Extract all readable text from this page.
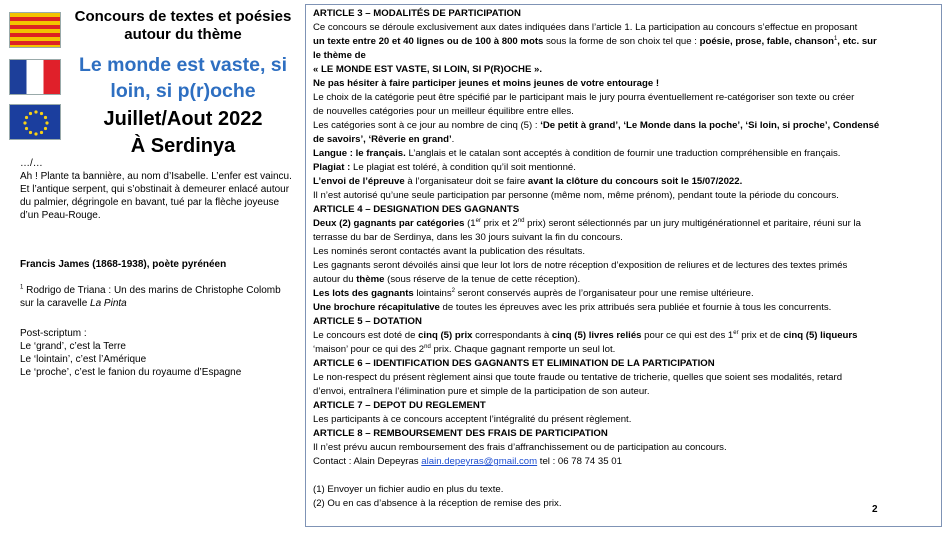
Concours de textes et poésies
autour du thème
Le monde est vaste, si
loin, si p(r)oche
Juillet/Aout 2022
À Serdinya

…/…

Ah ! Plante ta bannière, au nom d’Isabelle. L’enfer est vaincu. Et l’antique serpent, qui s’obstinait à demeurer enlacé autour du palmier, dégringole en bavant, tué par la flèche joyeuse d’un Peau-Rouge.

Francis James (1868-1938), poète pyrénéen
$^1$ Rodrigo de Triana : Un des marins de Christophe Colomb sur la caravelle La Pinta

Post-scriptum :

Le ‘grand’, c’est la Terre

Le ‘lointain’, c’est l’Amérique

Le ‘proche’, c’est le fanion du royaume d’Espagne

ARTICLE 3 – MODALITÉS DE PARTICIPATION
Ce concours se déroule exclusivement aux dates indiquées dans l’article 1. La participation au concours s’effectue en proposant
un texte entre 20 et 40 lignes ou de 100 à 800 mots sous la forme de son choix tel que : poésie, prose, fable, chanson$^1$, etc. sur
le thème de
« LE MONDE EST VASTE, SI LOIN, SI P(R)OCHE ».
Ne pas hésiter à faire participer jeunes et moins jeunes de votre entourage !
Le choix de la catégorie peut être spécifié par le participant mais le jury pourra éventuellement re-catégoriser son texte ou créer
de nouvelles catégories pour un meilleur équilibre entre elles.
Les catégories sont à ce jour au nombre de cinq (5) : ‘De petit à grand’, ‘Le Monde dans la poche’, ‘Si loin, si proche’, Condensé
de savoirs’, ‘Rêverie en grand’.
Langue : le français. L’anglais et le catalan sont acceptés à condition de fournir une traduction compréhensible en français.
Plagiat : Le plagiat est toléré, à condition qu’il soit mentionné.
L’envoi de l’épreuve à l’organisateur doit se faire avant la clôture du concours soit le 15/07/2022.
Il n’est autorisé qu’une seule participation par personne (même nom, même prénom), pendant toute la période du concours.
ARTICLE 4 – DESIGNATION DES GAGNANTS
Deux (2) gagnants par catégories (1er prix et 2nd prix) seront sélectionnés par un jury multigénérationnel et paritaire, réuni sur la
terrasse du bar de Serdinya, dans les 30 jours suivant la fin du concours.
Les nominés seront contactés avant la publication des résultats.
Les gagnants seront dévoilés ainsi que leur lot lors de notre réception d’exposition de reliures et de lectures des textes primés
autour du thème (sous réserve de la tenue de cette réception).
Les lots des gagnants lointains$^2$ seront conservés auprès de l’organisateur pour une remise ultérieure.
Une brochure récapitulative de toutes les épreuves avec les prix attribués sera publiée et fournie à tous les concurrents.
ARTICLE 5 – DOTATION
Le concours est doté de cinq (5) prix correspondants à cinq (5) livres reliés pour ce qui est des 1er prix et de cinq (5) liqueurs
‘maison’ pour ce qui des 2nd prix. Chaque gagnant remporte un seul lot.
ARTICLE 6 – IDENTIFICATION DES GAGNANTS ET ELIMINATION DE LA PARTICIPATION
Le non-respect du présent règlement ainsi que toute fraude ou tentative de tricherie, quelles que soient ses modalités, retard
d’envoi, entraînera l’élimination pure et simple de la participation de son auteur.
ARTICLE 7 – DEPOT DU REGLEMENT
Les participants à ce concours acceptent l’intégralité du présent règlement.
ARTICLE 8 – REMBOURSEMENT DES FRAIS DE PARTICIPATION
Il n’est prévu aucun remboursement des frais d’affranchissement ou de participation au concours.
Contact : Alain Depeyras alain.depeyras@gmail.com tel : 06 78 74 35 01
(1) Envoyer un fichier audio en plus du texte.
(2) Ou en cas d’absence à la réception de remise des prix.
2
